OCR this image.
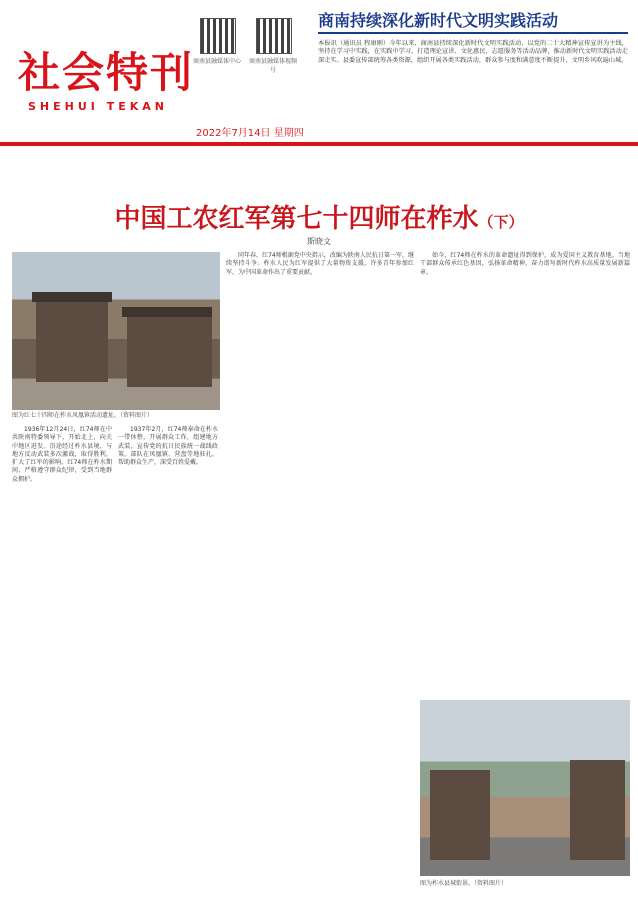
商南县融媒体中心 商南县融媒体视频号
社会特刊
SHEHUI TEKAN
2022年7月14日 星期四
商南持续深化新时代文明实践活动
本报讯（通讯员 程康刚）今年以来，商南县持续深化新时代文明实践活动，以党的二十大精神宣传宣讲为主线，坚持在学习中实践，在实践中学习，打造理论宣讲、文化惠民、志愿服务等活动品牌，推动新时代文明实践活动走深走实。县委宣传部统筹各类资源，组织开展各类实践活动，群众参与度和满意度不断提升，文明乡风吹遍山城。
中国工农红军第七十四师在柞水（下）
斯晓文
图为红七十四师在柞水凤凰镇活动遗址。（资料图片）

1936年12月24日，红74师在中共陕南特委领导下，开始北上，向关中地区进发。沿途经过柞水县境，与地方反动武装多次激战，取得胜利，扩大了红军的影响。红74师在柞水期间，严格遵守群众纪律，受到当地群众拥护。

1937年2月，红74师奉命在柞水一带休整，开展群众工作，组建地方武装，宣传党的抗日民族统一战线政策。部队在凤凰镇、营盘等地驻扎，帮助群众生产，深受百姓爱戴。

同年春，红74师根据党中央指示，改编为陕南人民抗日第一军，继续坚持斗争。柞水人民为红军提供了大量物资支援，许多青年参加红军，为中国革命作出了重要贡献。

如今，红74师在柞水的革命遗址得到保护，成为爱国主义教育基地。当地干部群众传承红色基因，弘扬革命精神，奋力谱写新时代柞水高质量发展新篇章。

图为柞水县城街景。（资料图片）
